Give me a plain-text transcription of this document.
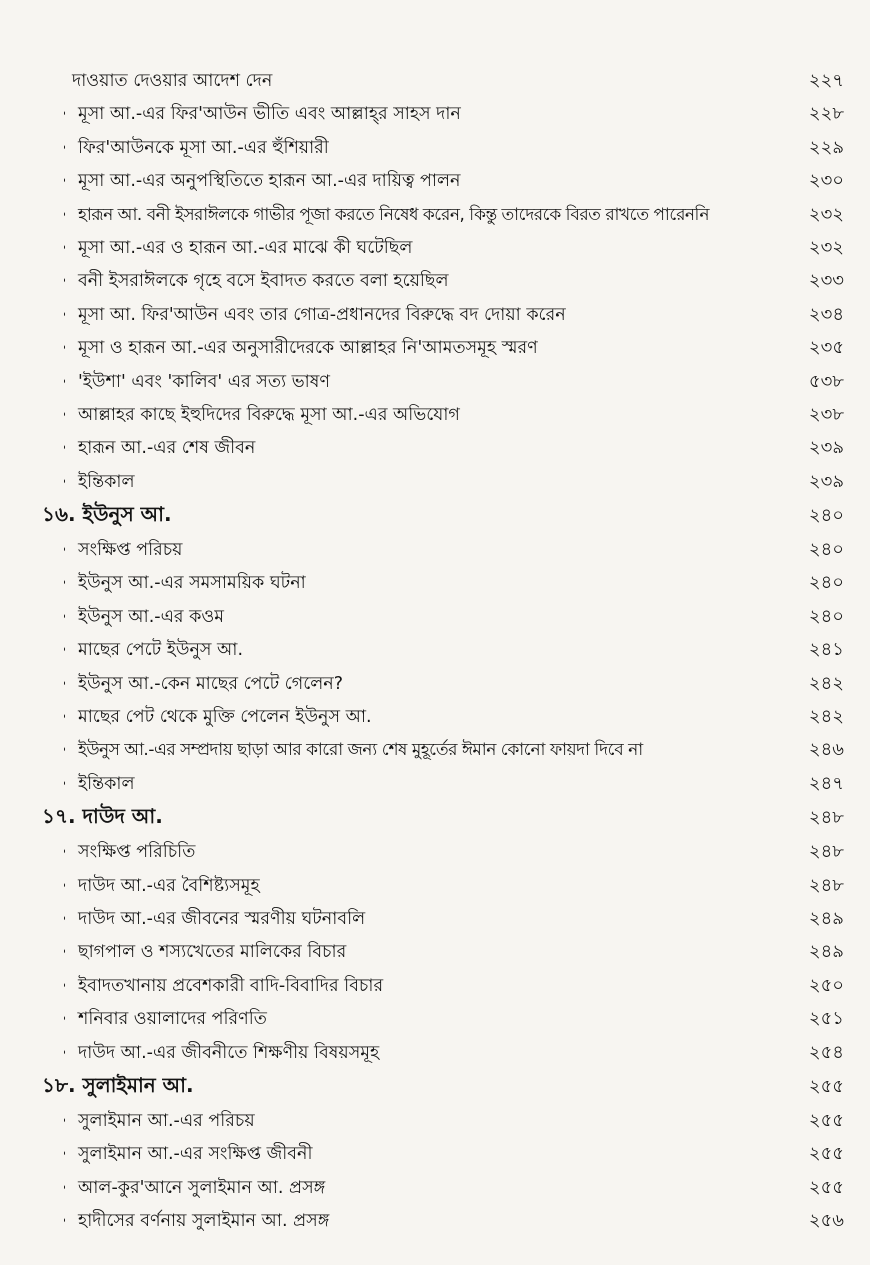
দাওয়াত দেওয়ার আদেশ দেন	২২৭
• মূসা আ.-এর ফির'আউন ভীতি এবং আল্লাহ্‌র সাহস দান	২২৮
• ফির'আউনকে মূসা আ.-এর হুঁশিয়ারী	২২৯
• মূসা আ.-এর অনুপস্থিতিতে হারূন আ.-এর দায়িত্ব পালন	২৩০
• হারূন আ. বনী ইসরাঈলকে গাভীর পূজা করতে নিষেধ করেন, কিন্তু তাদেরকে বিরত রাখতে পারেননি	২৩২
• মূসা আ.-এর ও হারূন আ.-এর মাঝে কী ঘটেছিল	২৩২
• বনী ইসরাঈলকে গৃহে বসে ইবাদত করতে বলা হয়েছিল	২৩৩
• মূসা আ. ফির'আউন এবং তার গোত্র-প্রধানদের বিরুদ্ধে বদ দোয়া করেন	২৩৪
• মূসা ও হারূন আ.-এর অনুসারীদেরকে আল্লাহর নি'আমতসমূহ স্মরণ	২৩৫
• 'ইউশা' এবং 'কালিব' এর সত্য ভাষণ	৫৩৮
• আল্লাহর কাছে ইহুদিদের বিরুদ্ধে মূসা আ.-এর অভিযোগ	২৩৮
• হারূন আ.-এর শেষ জীবন	২৩৯
• ইন্তিকাল	২৩৯
১৬. ইউনুস আ.	২৪০
• সংক্ষিপ্ত পরিচয়	২৪০
• ইউনুস আ.-এর সমসাময়িক ঘটনা	২৪০
• ইউনুস আ.-এর কওম	২৪০
• মাছের পেটে ইউনুস আ.	২৪১
• ইউনুস আ.-কেন মাছের পেটে গেলেন?	২৪২
• মাছের পেট থেকে মুক্তি পেলেন ইউনুস আ.	২৪২
• ইউনুস আ.-এর সম্প্রদায় ছাড়া আর কারো জন্য শেষ মুহূর্তের ঈমান কোনো ফায়দা দিবে না	২৪৬
• ইন্তিকাল	২৪৭
১৭. দাউদ আ.	২৪৮
• সংক্ষিপ্ত পরিচিতি	২৪৮
• দাউদ আ.-এর বৈশিষ্ট্যসমূহ	২৪৮
• দাউদ আ.-এর জীবনের স্মরণীয় ঘটনাবলি	২৪৯
• ছাগপাল ও শস্যখেতের মালিকের বিচার	২৪৯
• ইবাদতখানায় প্রবেশকারী বাদি-বিবাদির বিচার	২৫০
• শনিবার ওয়ালাদের পরিণতি	২৫১
• দাউদ আ.-এর জীবনীতে শিক্ষণীয় বিষয়সমূহ	২৫৪
১৮. সুলাইমান আ.	২৫৫
• সুলাইমান আ.-এর পরিচয়	২৫৫
• সুলাইমান আ.-এর সংক্ষিপ্ত জীবনী	২৫৫
• আল-কুর'আনে সুলাইমান আ. প্রসঙ্গ	২৫৫
• হাদীসের বর্ণনায় সুলাইমান আ. প্রসঙ্গ	২৫৬
